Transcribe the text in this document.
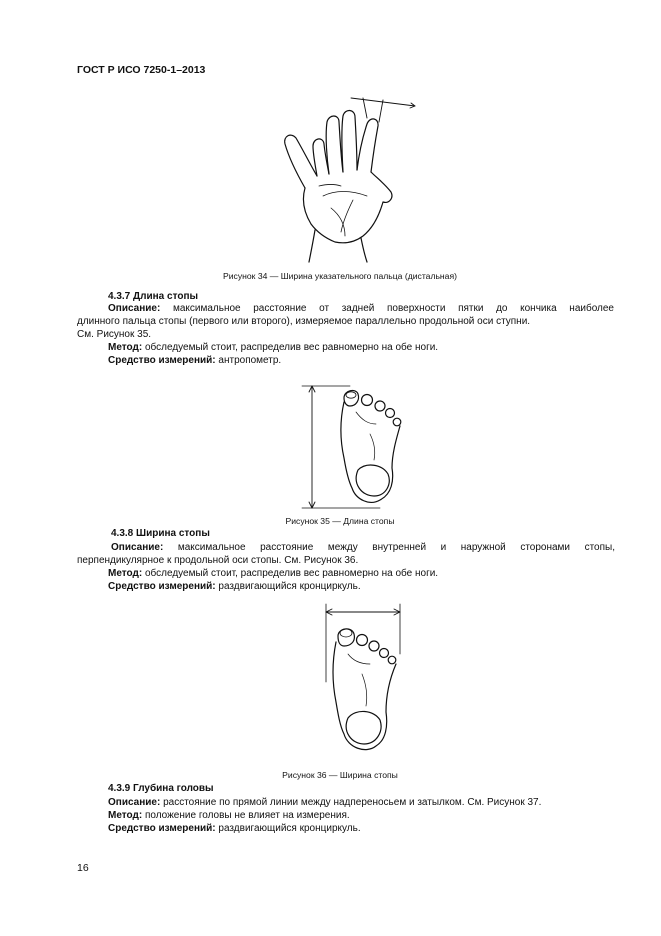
ГОСТ Р ИСО 7250-1–2013
Рисунок 34 — Ширина указательного пальца (дистальная)
4.3.7 Длина стопы
Описание: максимальное расстояние от задней поверхности пятки до кончика наиболее
длинного пальца стопы (первого или второго), измеряемое параллельно продольной оси ступни.
См. Рисунок 35.
Метод: обследуемый стоит, распределив вес равномерно на обе ноги.
Средство измерений: антропометр.
Рисунок 35 — Длина стопы
4.3.8 Ширина стопы
Описание: максимальное расстояние между внутренней и наружной сторонами стопы,
перпендикулярное к продольной оси стопы. См. Рисунок 36.
Метод: обследуемый стоит, распределив вес равномерно на обе ноги.
Средство измерений: раздвигающийся кронциркуль.
Рисунок 36 — Ширина стопы
4.3.9 Глубина головы
Описание: расстояние по прямой линии между надпереносьем и затылком. См. Рисунок 37.
Метод: положение головы не влияет на измерения.
Средство измерений: раздвигающийся кронциркуль.
16
